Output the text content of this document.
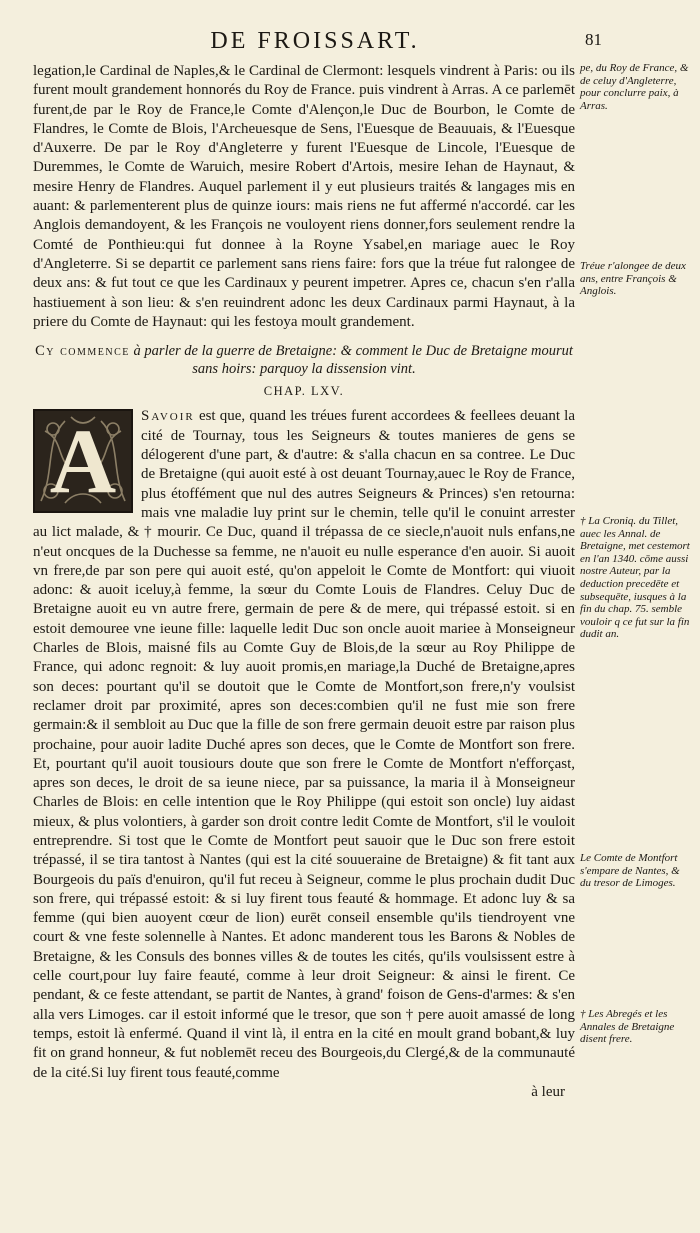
DE FROISSART.	81

legation,le Cardinal de Naples,& le Cardinal de Clermont: lesquels vindrent à Paris: ou ils furent moult grandement honnorés du Roy de France. puis vindrent à Arras. A ce parlemēt furent,de par le Roy de France,le Comte d'Alençon,le Duc de Bourbon, le Comte de Flandres, le Comte de Blois, l'Archeuesque de Sens, l'Euesque de Beauuais, & l'Euesque d'Auxerre. De par le Roy d'Angleterre y furent l'Euesque de Lincole, l'Euesque de Duremmes, le Comte de Waruich, mesire Robert d'Artois, mesire Iehan de Haynaut, & mesire Henry de Flandres. Auquel parlement il y eut plusieurs traités & langages mis en auant: & parlementerent plus de quinze iours: mais riens ne fut affermé n'accordé. car les Anglois demandoyent, & les François ne vouloyent riens donner,fors seulement rendre la Comté de Ponthieu:qui fut donnee à la Royne Ysabel,en mariage auec le Roy d'Angleterre. Si se departit ce parlement sans riens faire: fors que la tréue fut ralongee de deux ans: & fut tout ce que les Cardinaux y peurent impetrer. Apres ce, chacun s'en r'alla hastiuement à son lieu: & s'en reuindrent adonc les deux Cardinaux parmi Haynaut, à la priere du Comte de Haynaut: qui les festoya moult grandement.

Cy commence à parler de la guerre de Bretaigne: & comment le Duc de Bretaigne mourut sans hoirs: parquoy la dissension vint.
CHAP. LXV.

A Savoir est que, quand les tréues furent accordees & feellees deuant la cité de Tournay, tous les Seigneurs & toutes manieres de gens se délogerent d'une part, & d'autre: & s'alla chacun en sa contree. Le Duc de Bretaigne (qui auoit esté à ost deuant Tournay,auec le Roy de France, plus étoffément que nul des autres Seigneurs & Princes) s'en retourna: mais vne maladie luy print sur le chemin, telle qu'il le conuint arrester au lict malade, & † mourir. Ce Duc, quand il trépassa de ce siecle,n'auoit nuls enfans,ne n'eut oncques de la Duchesse sa femme, ne n'auoit eu nulle esperance d'en auoir. Si auoit vn frere,de par son pere qui auoit esté, qu'on appeloit le Comte de Montfort: qui viuoit adonc: & auoit iceluy,à femme, la sœur du Comte Louis de Flandres. Celuy Duc de Bretaigne auoit eu vn autre frere, germain de pere & de mere, qui trépassé estoit. si en estoit demouree vne ieune fille: laquelle ledit Duc son oncle auoit mariee à Monseigneur Charles de Blois, maisné fils au Comte Guy de Blois,de la sœur au Roy Philippe de France, qui adonc regnoit: & luy auoit promis,en mariage,la Duché de Bretaigne,apres son deces: pourtant qu'il se doutoit que le Comte de Montfort,son frere,n'y voulsist reclamer droit par proximité, apres son deces:combien qu'il ne fust mie son frere germain:& il sembloit au Duc que la fille de son frere germain deuoit estre par raison plus prochaine, pour auoir ladite Duché apres son deces, que le Comte de Montfort son frere. Et, pourtant qu'il auoit tousiours doute que son frere le Comte de Montfort n'efforçast, apres son deces, le droit de sa ieune niece, par sa puissance, la maria il à Monseigneur Charles de Blois: en celle intention que le Roy Philippe (qui estoit son oncle) luy aidast mieux, & plus volontiers, à garder son droit contre ledit Comte de Montfort, s'il le vouloit entreprendre. Si tost que le Comte de Montfort peut sauoir que le Duc son frere estoit trépassé, il se tira tantost à Nantes (qui est la cité souueraine de Bretaigne) & fit tant aux Bourgeois du païs d'enuiron, qu'il fut receu à Seigneur, comme le plus prochain dudit Duc son frere, qui trépassé estoit: & si luy firent tous feauté & hommage. Et adonc luy & sa femme (qui bien auoyent cœur de lion) eurēt conseil ensemble qu'ils tiendroyent vne court & vne feste solennelle à Nantes. Et adonc manderent tous les Barons & Nobles de Bretaigne, & les Consuls des bonnes villes & de toutes les cités, qu'ils voulsissent estre à celle court,pour luy faire feauté, comme à leur droit Seigneur: & ainsi le firent. Ce pendant, & ce feste attendant, se partit de Nantes, à grand' foison de Gens-d'armes: & s'en alla vers Limoges. car il estoit informé que le tresor, que son † pere auoit amassé de long temps, estoit là enfermé. Quand il vint là, il entra en la cité en moult grand bobant,& luy fit on grand honneur, & fut noblemēt receu des Bourgeois,du Clergé,& de la communauté de la cité.Si luy firent tous feauté,comme

à leur
pe, du Roy de France, & de celuy d'Angleterre, pour conclurre paix, à Arras.
Tréue r'alongee de deux ans, entre François & Anglois.
† La Croniq. du Tillet, auec les Annal. de Bretaigne, met cestemort en l'an 1340. cōme aussi nostre Auteur, par la deduction precedēte et subsequēte, iusques à la fin du chap. 75. semble vouloir q ce fut sur la fin dudit an.
Le Comte de Montfort s'empare de Nantes, & du tresor de Limoges.
† Les Abregés et les Annales de Bretaigne disent frere.
